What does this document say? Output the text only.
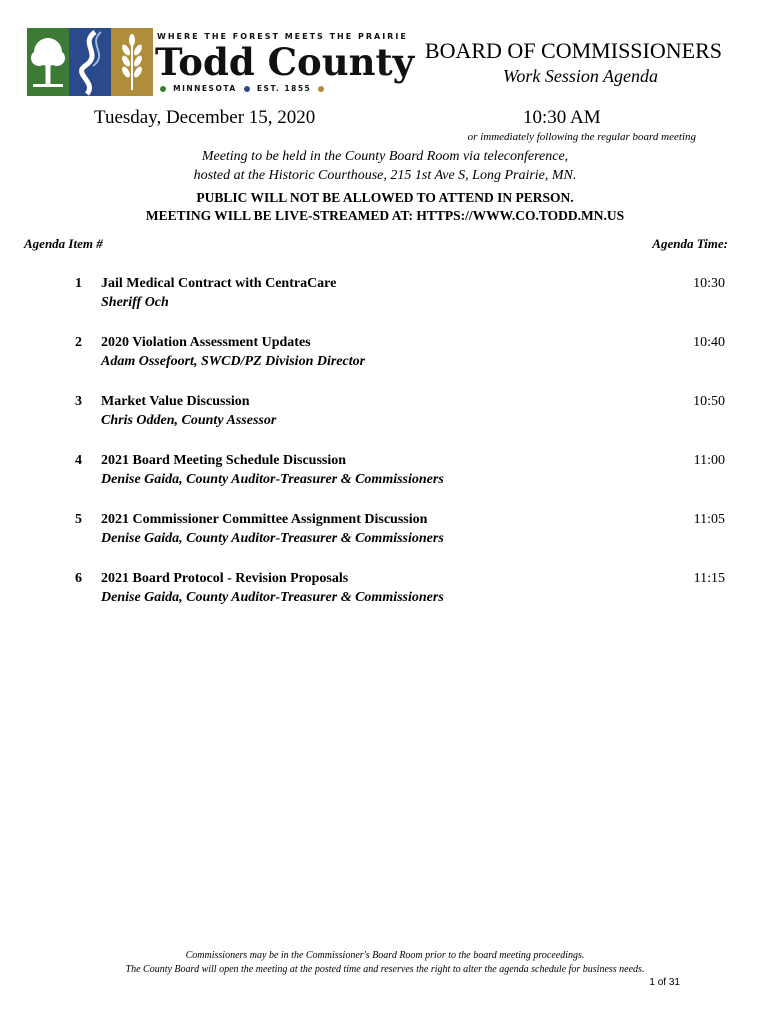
WHERE THE FOREST MEETS THE PRAIRIE
Todd County
MINNESOTA	EST. 1855
BOARD OF COMMISSIONERS
Work Session Agenda
Tuesday, December 15, 2020	10:30 AM
or immediately following the regular board meeting
Meeting to be held in the County Board Room via teleconference,
hosted at the Historic Courthouse, 215 1st Ave S, Long Prairie, MN.
PUBLIC WILL NOT BE ALLOWED TO ATTEND IN PERSON.
MEETING WILL BE LIVE-STREAMED AT: HTTPS://WWW.CO.TODD.MN.US
Agenda Item #	Agenda Time:
1 Jail Medical Contract with CentraCare
Sheriff Och
10:30
2 2020 Violation Assessment Updates
Adam Ossefoort, SWCD/PZ Division Director
10:40
3 Market Value Discussion
Chris Odden, County Assessor
10:50
4 2021 Board Meeting Schedule Discussion
Denise Gaida, County Auditor-Treasurer & Commissioners
11:00
5 2021 Commissioner Committee Assignment Discussion
Denise Gaida, County Auditor-Treasurer & Commissioners
11:05
6 2021 Board Protocol - Revision Proposals
Denise Gaida, County Auditor-Treasurer & Commissioners
11:15
Commissioners may be in the Commissioner's Board Room prior to the board meeting proceedings.
The County Board will open the meeting at the posted time and reserves the right to alter the agenda schedule for business needs.
1 of 31
